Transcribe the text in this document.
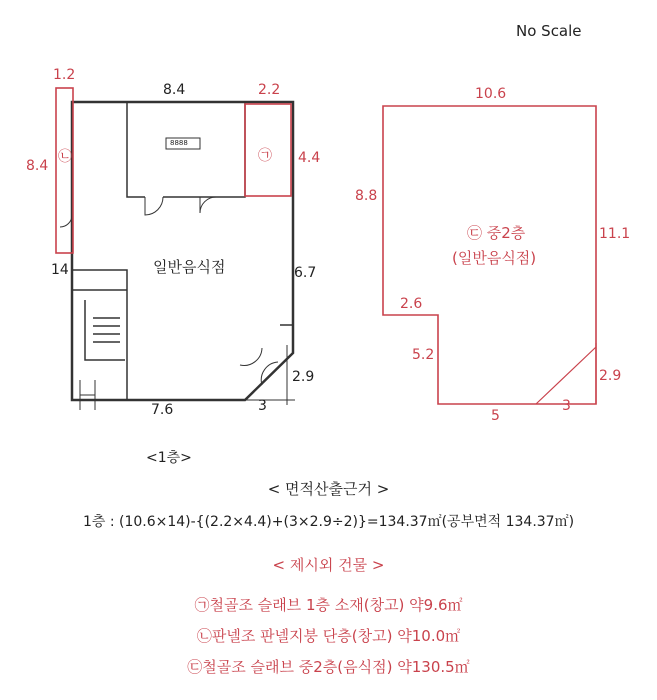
No Scale
1.2
8.4	2.2
8.4
㉡	㉠ 4.4
8888
일반음식점
14	6.7
2.9
3
7.6
<1층>
10.6
8.8
11.1
㉢ 중2층
(일반음식점)
2.6
5.2
2.9
3
5
< 면적산출근거 >
1층 : (10.6×14)-{(2.2×4.4)+(3×2.9÷2)}=134.37㎡(공부면적 134.37㎡)
< 제시외 건물 >
㉠철골조 슬래브 1층 소재(창고) 약9.6㎡
㉡판넬조 판넬지붕 단층(창고) 약10.0㎡
㉢철골조 슬래브 중2층(음식점) 약130.5㎡
